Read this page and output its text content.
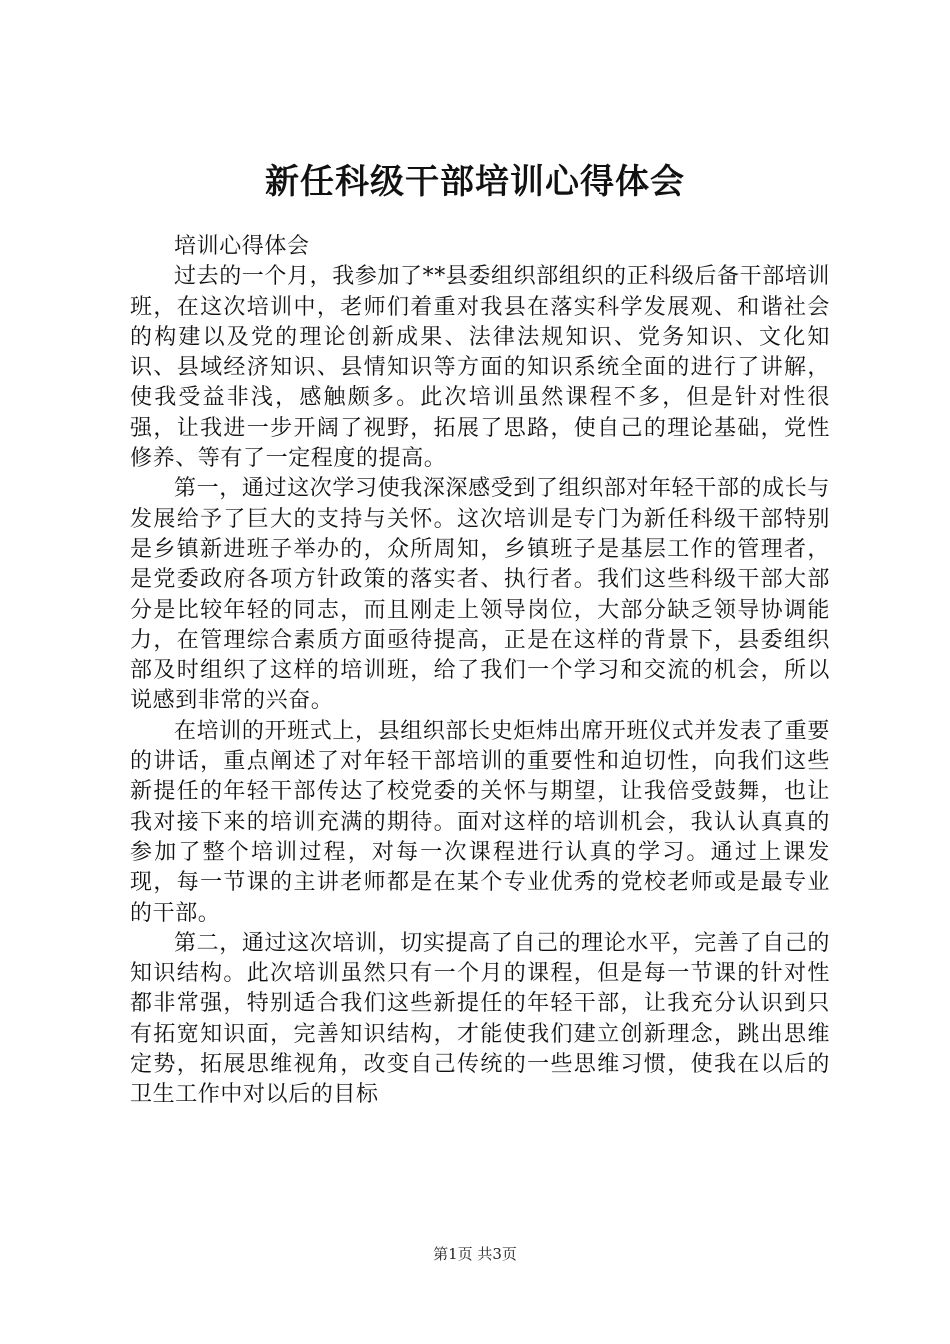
新任科级干部培训心得体会

培训心得体会

过去的一个月，我参加了**县委组织部组织的正科级后备干部培训班，在这次培训中，老师们着重对我县在落实科学发展观、和谐社会的构建以及党的理论创新成果、法律法规知识、党务知识、文化知识、县域经济知识、县情知识等方面的知识系统全面的进行了讲解，使我受益非浅，感触颇多。此次培训虽然课程不多，但是针对性很强，让我进一步开阔了视野，拓展了思路，使自己的理论基础，党性修养、等有了一定程度的提高。

第一，通过这次学习使我深深感受到了组织部对年轻干部的成长与发展给予了巨大的支持与关怀。这次培训是专门为新任科级干部特别是乡镇新进班子举办的，众所周知，乡镇班子是基层工作的管理者，是党委政府各项方针政策的落实者、执行者。我们这些科级干部大部分是比较年轻的同志，而且刚走上领导岗位，大部分缺乏领导协调能力，在管理综合素质方面亟待提高，正是在这样的背景下，县委组织部及时组织了这样的培训班，给了我们一个学习和交流的机会，所以说感到非常的兴奋。

在培训的开班式上，县组织部长史炬炜出席开班仪式并发表了重要的讲话，重点阐述了对年轻干部培训的重要性和迫切性，向我们这些新提任的年轻干部传达了校党委的关怀与期望，让我倍受鼓舞，也让我对接下来的培训充满的期待。面对这样的培训机会，我认认真真的参加了整个培训过程，对每一次课程进行认真的学习。通过上课发现，每一节课的主讲老师都是在某个专业优秀的党校老师或是最专业的干部。

第二，通过这次培训，切实提高了自己的理论水平，完善了自己的知识结构。此次培训虽然只有一个月的课程，但是每一节课的针对性都非常强，特别适合我们这些新提任的年轻干部，让我充分认识到只有拓宽知识面，完善知识结构，才能使我们建立创新理念，跳出思维定势，拓展思维视角，改变自己传统的一些思维习惯，使我在以后的卫生工作中对以后的目标

第1页 共3页
